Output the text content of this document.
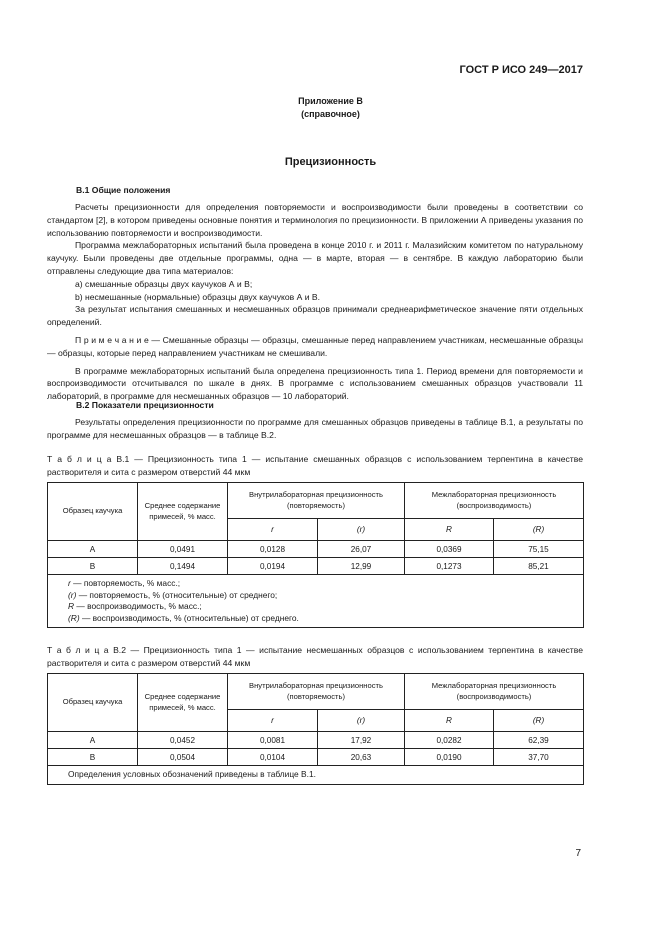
ГОСТ Р ИСО 249—2017
Приложение В
(справочное)
Прецизионность
В.1 Общие положения

Расчеты прецизионности для определения повторяемости и воспроизводимости были проведены в соответствии со стандартом [2], в котором приведены основные понятия и терминология по прецизионности. В приложении А приведены указания по использованию повторяемости и воспроизводимости.

Программа межлабораторных испытаний была проведена в конце 2010 г. и 2011 г. Малазийским комитетом по натуральному каучуку. Были проведены две отдельные программы, одна — в марте, вторая — в сентябре. В каждую лабораторию были отправлены следующие два типа материалов:

а) смешанные образцы двух каучуков А и В;

b) несмешанные (нормальные) образцы двух каучуков А и В.

За результат испытания смешанных и несмешанных образцов принимали среднеарифметическое значение пяти отдельных определений.

П р и м е ч а н и е — Смешанные образцы — образцы, смешанные перед направлением участникам, несмешанные образцы — образцы, которые перед направлением участникам не смешивали.

В программе межлабораторных испытаний была определена прецизионность типа 1. Период времени для повторяемости и воспроизводимости отсчитывался по шкале в днях. В программе с использованием смешанных образцов участвовали 11 лабораторий, в программе для несмешанных образцов — 10 лабораторий.

В.2 Показатели прецизионности

Результаты определения прецизионности по программе для смешанных образцов приведены в таблице В.1, а результаты по программе для несмешанных образцов — в таблице В.2.

Т а б л и ц а В.1 — Прецизионность типа 1 — испытание смешанных образцов с использованием терпентина в качестве растворителя и сита с размером отверстий 44 мкм
Образец каучука	Среднее содержание примесей, % масс.	Внутрилабораторная прецизионность (повторяемость)		Межлабораторная прецизионность (воспроизводимость)	
		r	(r)	R	(R)
А	0,0491	0,0128	26,07	0,0369	75,15
В	0,1494	0,0194	12,99	0,1273	85,21

r — повторяемость, % масс.;
(r) — повторяемость, % (относительные) от среднего;
R — воспроизводимость, % масс.;
(R) — воспроизводимость, % (относительные) от среднего.					
Т а б л и ц а В.2 — Прецизионность типа 1 — испытание несмешанных образцов с использованием терпентина в качестве растворителя и сита с размером отверстий 44 мкм
Образец каучука	Среднее содержание примесей, % масс.	Внутрилабораторная прецизионность (повторяемость)		Межлабораторная прецизионность (воспроизводимость)	
		r	(r)	R	(R)
А	0,0452	0,0081	17,92	0,0282	62,39
В	0,0504	0,0104	20,63	0,0190	37,70
Определения условных обозначений приведены в таблице В.1.					
7
